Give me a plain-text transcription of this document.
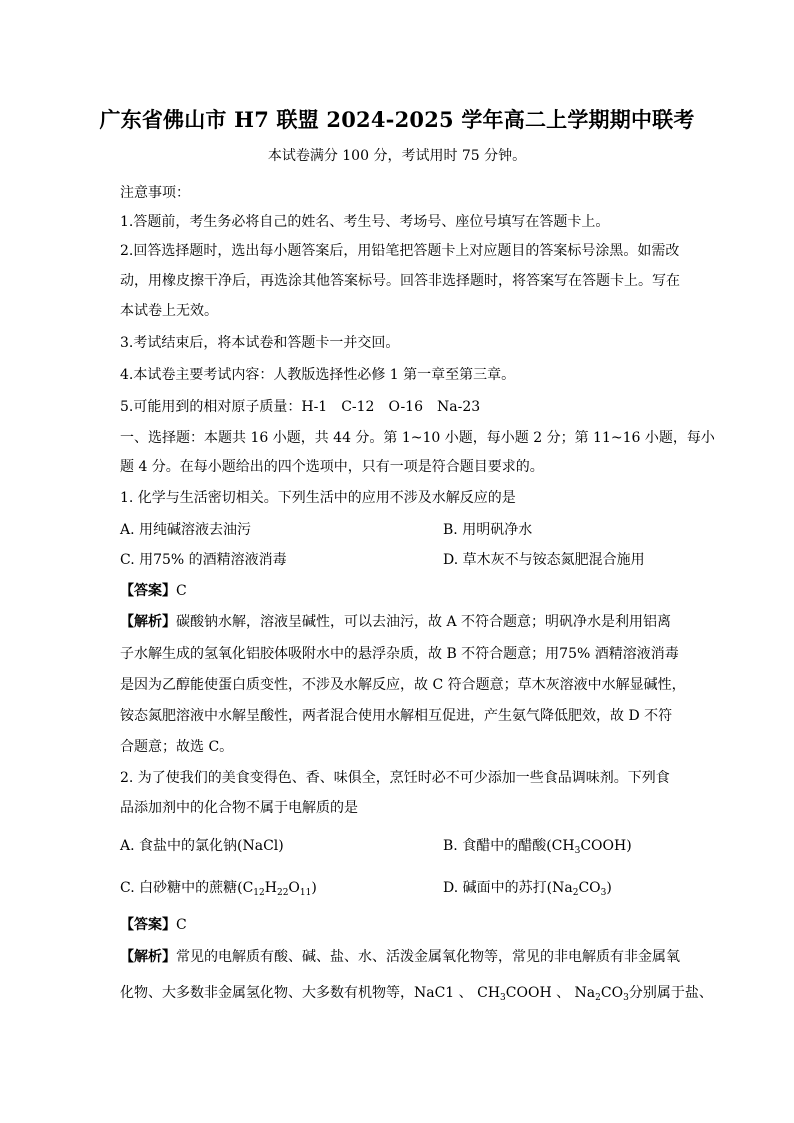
广东省佛山市 H7 联盟 2024-2025 学年高二上学期期中联考
本试卷满分 100 分，考试用时 75 分钟。
注意事项：
1.答题前，考生务必将自己的姓名、考生号、考场号、座位号填写在答题卡上。
2.回答选择题时，选出每小题答案后，用铅笔把答题卡上对应题目的答案标号涂黑。如需改
动，用橡皮擦干净后，再选涂其他答案标号。回答非选择题时，将答案写在答题卡上。写在
本试卷上无效。
3.考试结束后，将本试卷和答题卡一并交回。
4.本试卷主要考试内容：人教版选择性必修 1 第一章至第三章。
5.可能用到的相对原子质量：H-1　C-12　O-16　Na-23
一、选择题：本题共 16 小题，共 44 分。第 1~10 小题，每小题 2 分；第 11~16 小题，每小
题 4 分。在每小题给出的四个选项中，只有一项是符合题目要求的。
1. 化学与生活密切相关。下列生活中的应用不涉及水解反应的是
A. 用纯碱溶液去油污	B. 用明矾净水
C. 用75% 的酒精溶液消毒	D. 草木灰不与铵态氮肥混合施用
【答案】C
【解析】碳酸钠水解，溶液呈碱性，可以去油污，故 A 不符合题意；明矾净水是利用铝离
子水解生成的氢氧化铝胶体吸附水中的悬浮杂质，故 B 不符合题意；用75% 酒精溶液消毒
是因为乙醇能使蛋白质变性，不涉及水解反应，故 C 符合题意；草木灰溶液中水解显碱性，
铵态氮肥溶液中水解呈酸性，两者混合使用水解相互促进，产生氨气降低肥效，故 D 不符
合题意；故选 C。
2. 为了使我们的美食变得色、香、味俱全，烹饪时必不可少添加一些食品调味剂。下列食
品添加剂中的化合物不属于电解质的是
A. 食盐中的氯化钠(NaCl)	B. 食醋中的醋酸$(CH_3COOH)$
C. 白砂糖中的蔗糖$(C_{12}H_{22}O_{11})$	D. 碱面中的苏打$(Na_2CO_3)$
【答案】C
【解析】常见的电解质有酸、碱、盐、水、活泼金属氧化物等，常见的非电解质有非金属氧
化物、大多数非金属氢化物、大多数有机物等，NaC1 、 $CH_3COOH$ 、 $Na_2CO_3$分别属于盐、
